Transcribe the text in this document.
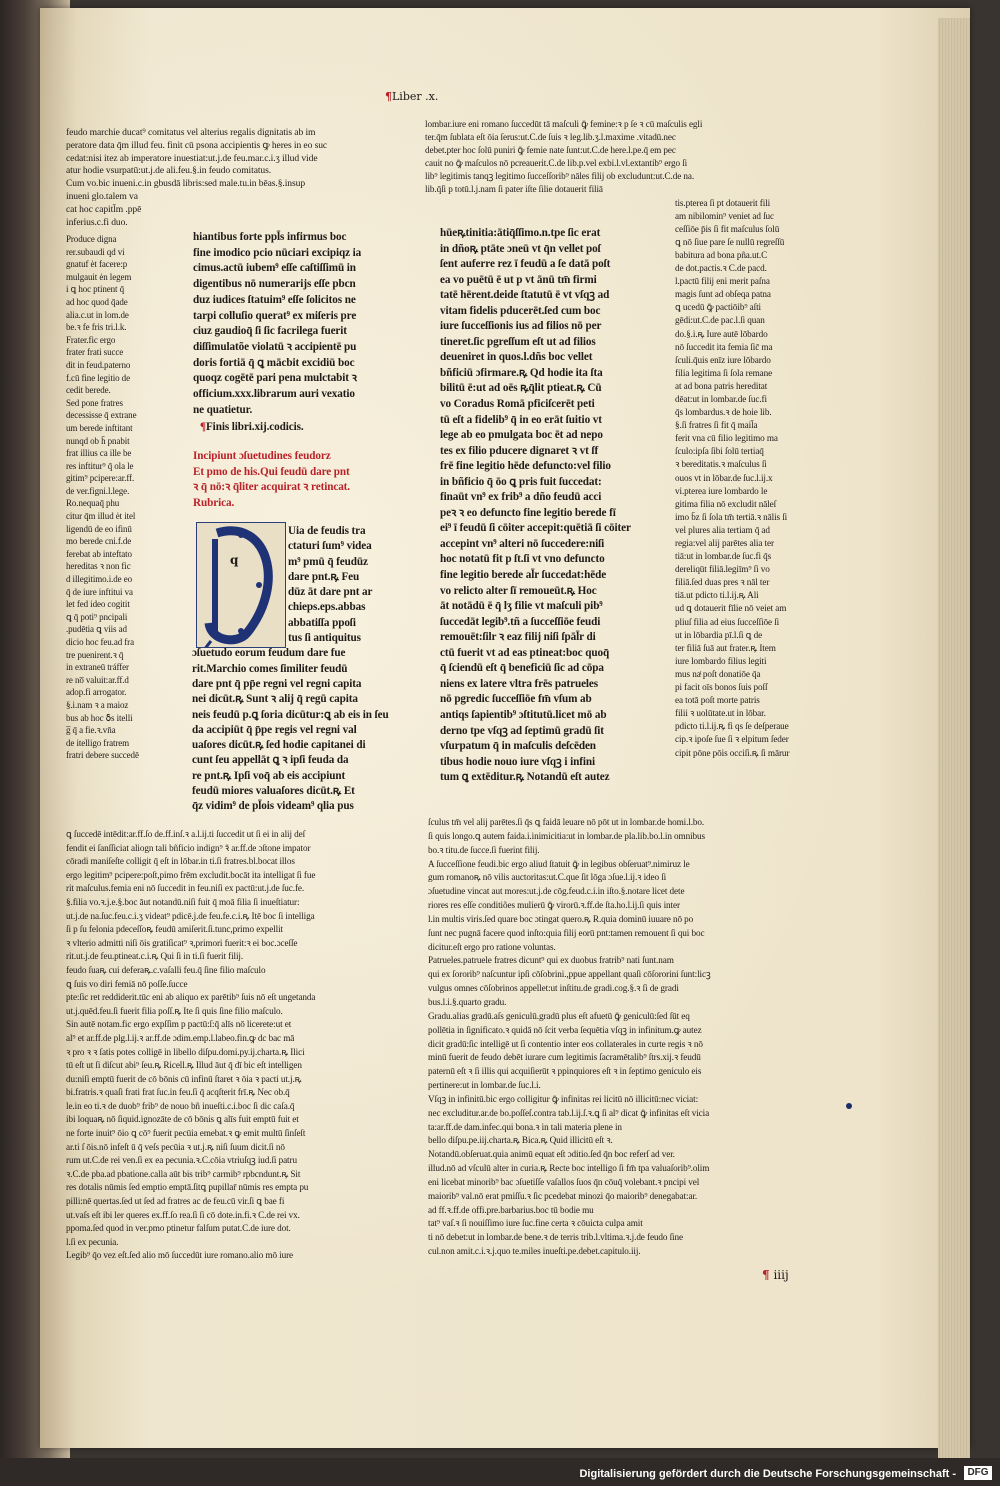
¶Liber .x.
feudo marchie ducat⁹ comitatus vel alterius regalis dignitatis ab im
peratore data q̄m illud feu. finit cū psona accipientis ꝙ heres in eo suc
cedat:nisi itez ab imperatore inuestiat:ut.j.de feu.mar.c.i.ʒ illud vide
atur hodie vsurpatū:ut.j.de ali.feu.§.in feudo comitatus.
Cum vo.bic inueni.c.in gbusdā libris:sed male.tu.in bēas.§.insup
inueni glo.talem va
cat hoc capitl̄m .ppē
inferius.c.fi duo.
Produce digna
rer.subaudi qd vi
gnatuf ėt facere:p
mulgauit ėn legem
i ꝗ hoc ptinent q̄
ad hoc quod q̄ade
alia.c.ut in lom.de
be.ꝛ fe fris tri.l.k.
Frater.fic ergo
frater frati succe
dit in feud.paterno
f.cū fine legitio de
cedit berede.
Sed pone fratres
decessisse q̄ extrane
um berede inftitant
nunqd ob h̄ pnabit
frat illius ca ille be
res inftitur⁹ q̄ ola le
gitim⁹ pcipere:ar.ff.
de ver.figni.l.lege.
Ro.nequaq̄ phu
citur q̄m illud ėt itel
ligendū de eo ifinū
mo berede cni.f.de
ferebat ab inteftato
hereditas ꝛ non fic
d illegitimo.i.de eo
q̄ de iure inftitui va
let fed ideo cogitit
ꝗ q̄ poti⁹ pncipali
.pudētia ꝗ viis ad
dicio hoc feu.ad fra
tre puenirent.ꝛ q̄
in extraneū tráffer
re no̅ valuit:ar.ff.d
adop.fi arrogator.
§.i.nam ꝛ a maioz
bus ab hoc ẟs itelli
g̅ q̄ a fie.ꝛ.vn̄a
de itelligo fratrem
fratri debere succedē
hiantibus forte ppl̄s infirmus boc
fine imodico pcio nūciari excipiqz ia
cimus.actū iubem⁹ eſſe caſtiſſimū in
digentibus nō numerarijs eſſe pbcn
duz iudices ſtatuim⁹ eſſe ſolicitos ne
tarpi colluſio querat⁹ ex miſeris pre
ciuz gaudioq̄ ſi ſic facrilega fuerit
diſſimulatõe violatū ꝛ accipientē pu
doris fortiā q̄ ꝗ mācbit excidiū boc
quoqz cogētē pari pena mulctabit ꝛ
officium.xxx.librarum auri vexatio
ne quatietur.
¶Finis libri.xij.codicis.
Incipiunt ɔſuetudines feudorz
Et pmo de his.Qui feudū dare pnt
ꝛ q̄ nō:ꝛ q̄liter acquirat ꝛ retincat.
Rubrica.
q
Uia de feudis tra
ctaturi ſum⁹ videa
m⁹ pmū q̄ feudūz
dare pnt.ꝶ Feu
dūz āt dare pnt ar
chieps.eps.abbas
abbatiſſa ppoſi
tus ſi antiquitus
ɔſuetudo eorum feudum dare fue
rit.Marchio comes ſimiliter feudū
dare pnt q̄ pp̄e regni vel regni capita
nei dicūt.ꝶ Sunt ꝛ alij q̄ regū capita
neis feudū p.ꝗ ſoria dicūtur:ꝗ ab eis in ſeu
da accipiūt q̄ p̄pe regis vel regni val
uaſores dicūt.ꝶ ſed hodie capitanei di
cunt ſeu appellāt ꝗ ꝛ ipſi feuda da
re pnt.ꝶ Ipſi voq̄ ab eis accipiunt
feudū miores valuaſores dicūt.ꝶ Et
q̄z vidim⁹ de pl̄ois videam⁹ qlia pus
hūeꝶtinitia:ātiq̄ſſimo.n.tpe ſic erat
in dñoꝶ ptāte ɔneū vt q̄n vellet poſ
ſent auferre rez ī feudū a ſe datā poſt
ea vo puētū ē ut p vt ānū tm̄ firmi
tatē hērent.deide ſtatutū ē vt vſqꝫ ad
vitam fidelis pducerēt.ſed cum boc
iure ſucceſſionis ius ad filios nō per
tineret.ſic pgreſſum eſt ut ad filios
deueniret in quos.l.dñs boc vellet
bñficiū ɔfirmare.ꝶ Qd hodie ita ſta
bilitū ē:ut ad oēs ꝶq̄lit ptieat.ꝶ Cū
vo Coradus Romā pficiſcerēt peti
tū eſt a fidelib⁹ q̄ in eo erāt ſuitio vt
lege ab eo pmulgata boc ēt ad nepo
tes ex filio pducere dignaret ꝛ vt ſf
frē fine legitio hēde defuncto:vel filio
in bñficio q̄ ōo ꝗ pris fuit ſuccedat:
finaūt vn⁹ ex frib⁹ a dño feudū acci
peꝛ ꝛ eo defuncto fine legitio berede fī
ei⁹ ī feudū ſi cōiter accepit:quētiā ſi cōiter
accepint vn⁹ alteri nō ſuccedere:niſi
hoc notatū fit p ſt.ſi vt vno defuncto
fine legitio berede al̄r ſuccedat:hēde
vo relicto alter ſī remoueūt.ꝶ Hoc
āt notādū ē q̄ lʒ filie vt maſculi pib⁹
ſuccedāt legib⁹.tñ a ſucceſſiōe feudi
remouēt:ſilr ꝛ eaz filij niſi ſpāl̄r di
ctū fuerit vt ad eas ptineat:boc quoq̄
q̄ ſciendū eſt q̄ beneficiū ſic ad cōpa
niens ex latere vltra frēs patrueles
nō pgredic ſucceſſiōe fm̄ vſum ab
antiqs ſapientib⁹ ɔſtitutū.licet mō ab
derno tpe vſqꝫ ad ſeptimū gradū ſit
vſurpatum q̄ in maſculis deſcēden
tibus hodie nouo iure vſqꝫ i infini
tum ꝗ extēditur.ꝶ Notandū eſt autez
lombar.iure eni romano ſuccedūt tā maſculi ꝙ̄ femine:ꝛ p ſe ꝛ cū maſculis egli
ter.q̄m ſublata eſt ōia ſerus:ut.C.de ſuis ꝛ leg.lib.ʒ.l.maxime .vitadū.nec
debet.pter hoc ſolū puniri ꝙ̄ femie nate ſunt:ut.C.de here.l.pe.q̄ em pec
cauit no ꝙ̄ maſculos nō pcreauerit.C.de lib.p.vel exbi.l.vl.extantib⁹ ergo ſi
lib⁹ legitimis tanqꝫ legitimo ſucceſſorib⁹ nāles filij ob excludunt:ut.C.de na.
lib.q̄ſi p totū.l.j.nam ſi pater iſte ſilie dotauerit filiā
tis.pterea ſi pt dotauerit fili
am nibilomin⁹ veniet ad ſuc
ceſſiōe p̄is ſi fit maſculus ſolū
ꝗ nō ſiue pare ſe nullū regreſſū
babitura ad bona pña.ut.C
de dot.pactis.ꝛ C.de pacd.
l.pactū filij eni merit paſna
magis ſunt ad obſeqa patna
ꝗ ucedū ꝙ̄ pactiōib⁹ aſti
gēdi:ut.C.de pac.l.ſi quan
do.§.i.ꝶ Iure autē lōbardo
nō ſuccedit ita femia ſic̄ ma
ſculi.q̄uis enīz iure lōbardo
filia legitima ſi ſola remane
at ad bona patris hereditat
dēat:ut in lombar.de ſuc.fi
q̄s lombardus.ꝛ de hoie lib.
§.ſi fratres ſi fit q̄ mail̄a
ferit vna cū filio legitimo ma
ſculo:ipſa ſibi ſolū tertiaq̄
ꝛ bereditatis.ꝛ maſculus ſi
ouos vt in lōbar.de ſuc.l.ij.x
vi.pterea iure lombardo le
gitima filia nō excludit nāleſ
imo b̄z ſi ſola tm̄ tertiā.ꝛ nālis ſi
vel plures alia tertiam q̄ ad
regia:vel alij parētes alia ter
tiā:ut in lombar.de ſuc.fi q̄s
dereliqūt filiā.legiīm⁹ ſi vo
filiā.ſed duas pres ꝛ nāl ter
tiā.ut pdicto ti.l.ij.ꝶ Ali
ud ꝗ dotauerit fīlie nō veiet am
pliuſ filia ad eius ſucceſſiōe ſi
ut in lōbardia pī.l.ſi ꝗ de
ter filiā ſuā aut frater.ꝶ Item
iure lombardo filius legiti
mus naͭ poſt donatiōe q̄a
pi facit oīs bonos ſuis poſſ
ea totā poſt morte patris
filii ꝛ uolūtate.ut in lōbar.
pdicto ti.l.ij.ꝶ fi qs ſe deſperaue
cip.ꝛ ipoſe ſue ſi ꝛ elpitum ſeder
cipit pōne pōis occiſi.ꝶ ſi mārur
ꝗ ſuccedē intēdit:ar.ff.ſo de.ff.inſ.ꝛ a.l.ij.ti ſuccedit ut ſi ei in alij deſ
fendit ei ſanſſiciat aliogn tali bñficio indign⁹ ꝛ̄ ar.ff.de ɔſtone impator
cōradi maniſeſte colligit q̄ eſt in lōbar.in ti.ſi fratres.bl.bocat illos
ergo legitim⁹ pcipere:poſt,pimo frēm excludit.bocāt ita intelligat ſi fue
rit maſculus.femia eni nō ſuccedit in feu.niſi ex pactū:ut.j.de ſuc.fe.
§.filia vo.ꝛ.j.e.§.boc āut notandū.niſi fuit q̄ moā filia ſi inueſtiatur:
ut.j.de na.ſuc.feu.c.i.ʒ videat⁹ pdicē.j.de feu.fe.c.i.ꝶ Itē boc ſi intelliga
ſi p ſu felonia pdeceſſoꝶ feudū amiſerit.ſi.tunc,primo expellit
ꝛ vlterio admitti niſi ōis gratiſicat⁹ ꝛ,primori fuerit:ꝛ ei boc.ɔceſſe
rit.ut.j.de feu.ptineat.c.i.ꝶ Qui ſi in ti.ſi fuerit filij.
feudo ſuaꝶ cui deferaꝶ.c.vaſalli feu.q̄ ſine filio maſculo
ꝗ ſuis vo diri femiā nō poſſe.ſucce
pte:ſic ret reddiderit.tūc eni ab aliquo ex parētib⁹ ſuis nō eſt ungetanda
ut.j.quēd.feu.ſi fuerit filia poſſ.ꝶ Ite ſi quis ſine filio maſculo.
Sin autē notam.fic ergo expſſim p pactū:ſ:q̄ alīs nō licerete:ut et
al⁹ et ar.ff.de plg.l.ij.ꝛ ar.ff.de ɔdim.emp.l.labeo.fin.ꝙ dc bac mā
ꝛ pro ꝛ ꝛ ſatis potes colligē in libello diſpu.domi.py.ij.charta.ꝶ Ilici
tū eſt ut ſi diſcut abi⁹ ſeu.ꝶ Ricell.ꝶ Illud āut q̄ dī bic eſt intelligen
du:niſi emptū fuerit de cō bōnis cū infinū ſtaret ꝛ ōia ꝛ pacti ut.j.ꝶ
bi.fratris.ꝛ quaſi frati frat ſuc.in feu.ſi q̄ acqſterit frī.ꝶ Nec ob.q̄
le.in eo ti.ꝛ de duob⁹ frib⁹ de nouo bñ inueſti.c.i.boc ſi dic caſa.q̄
ibi loquaꝶ nō ſiquid.ignozāte de cō bōnis ꝗ alīs fuit emptū fuit et
ne forte inuit⁹ ōio ꝗ cō⁹ fuerit pecūia emebat.ꝛ ꝙ emit multū ſinſeſt
ar.ti ſ ōis.nō infeſt ū q̄ veſs pecūia ꝛ ut.j.ꝶ niſi ſuum dicit.ſi nō
rum ut.C.de rei ven.ſi ex ea pecunia.ꝛ.C.cōia vtriuſqꝫ iud.ſi patru
ꝛ.C.de pba.ad pbatione.calla aūt bis trib⁹ carmib⁹ rpbcndunt.ꝶ Sit
res dotalis nūmis ſed emptio emptā.ſitꝗ pupillar̄ nūmis res empta pu
pilli:nē quertas.ſed ut ſed ad fratres ac de feu.cū vir.ſi ꝗ bae fi
ut.vaſs eſt ibi ler queres ex.ff.ſo rea.ſi ſi cō dote.in.fi.ꝛ C.de rei vx.
ppoma.ſed quod in ver.pmo ptinetur falſum putat.C.de iure dot.
l.ſi ex pecunia.
Legib⁹ q̄o vez eſt.ſed alio mō ſuccedūt iure romano.alio mō iure
ſculus tm̄ vel alij parētes.ſi q̄s ꝗ faidā leuare nō pōt ut in lombar.de homi.l.bo.
ſi quis longo.ꝗ autem faida.i.inimicitia:ut in lombar.de pla.lib.bo.l.in omnibus
bo.ꝛ titu.de ſucce.ſi fuerint filij.
A ſucceſſione feudi.bic ergo aliud ſtatuit ꝙ̄ in legibus obſeruat⁹.nimiruz le
gum romanoꝶ nō vilis auctoritas:ut.C.que ſit lōga ɔſue.l.ij.ꝛ ideo ſi
ɔſuetudine vincat aut mores:ut.j.de cōg.feud.c.i.in iſto.§.notare licet dete
riores res eſſe conditiões mulierū ꝙ̄ virorū.ꝛ.ff.de ſta.ho.l.ij.ſi quis inter
l.in multis viris.ſed quare boc ɔtingat quero.ꝶ R.quia dominū iuuare nō po
ſunt nec pugnā facere quod inſto:quia filij eorū pnt:tamen remouent ſi qui boc
dicitur.eſt ergo pro ratione voluntas.
Patrueles.patruele fratres dicunt⁹ qui ex duobus fratrib⁹ nati ſunt.nam
qui ex ſororib⁹ naſcuntur ipſi cōſobrini.,ppue appellant quaſi cōſororini ſunt:licꝫ
vulgus omnes cōſobrinos appellet:ut inſtitu.de gradi.cog.§.ꝛ ſi de gradi
bus.l.i.§.quarto gradu.
Gradu.alias gradū.aſs geniculū.gradū plus eſt afuetū ꝙ̄ geniculū:ſed ſūt eq
pollētia in ſignificato.ꝛ quidā nō ſcit verba ſequētia vſqꝫ in infinitum.ꝙ autez
dicit gradū:ſic intelligē ut ſi contentio inter eos collaterales in curte regis ꝛ nō
minū fuerit de feudo debēt iurare cum legitimis ſacramētalib⁹ ſtrs.xij.ꝛ feudū
paternū eſt ꝛ ſi illis qui acquiſierūt ꝛ ppinquiores eſt ꝛ in ſeptimo geniculo eis
pertinere:ut in lombar.de ſuc.l.i.
Vſqꝫ in infinitū.bic ergo colligitur ꝙ̄ infinitas rei licitū nō illicitū:nec viciat:
nec excluditur.ar.de bo.poſſeſ.contra tab.l.ij.ſ.ꝛ.ꝗ ſi al⁹ dicat ꝙ̄ infinitas eſt vicia
ta:ar.ff.de dam.infec.qui bona.ꝛ in tali materia plene in
bello diſpu.pe.iij.charta.ꝶ Bica.ꝶ Quid illicitū eſt ꝛ.
Notandū.obſeruat.quia animū equat eſt ɔditio.ſed q̄n boc referſ ad ver.
illud.nō ad vſculū alter in curia.ꝶ Recte boc intelligo ſi fm̄ tpa valuaſorib⁹.olim
eni licebat minorib⁹ bac ɔſuetiſſe vaſallos ſuos q̄n cōuq̄ volebant.ꝛ pncipi vel
maiorib⁹ val.nō erat pmiſſu.ꝛ ſic pcedebat minozi q̄o maiorib⁹ denegabat:ar.
ad ff.ꝛ.ff.de offi.pre.barbarius.boc tū bodie mu
tat⁹ vaſ.ꝛ ſi nouiſſimo iure ſuc.fine certa ꝛ cōuicta culpa amit
ti nō debet:ut in lombar.de bene.ꝛ de terris trib.l.vltima.ꝛ.j.de feudo ſine
cul.non amit.c.i.ꝛ.j.quo te.miles inueſti.pe.debet.capitulo.iij.
¶ iiij
Digitalisierung gefördert durch die Deutsche Forschungsgemeinschaft -	DFG
